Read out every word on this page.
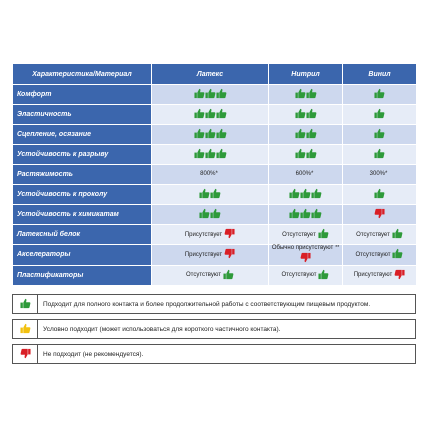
Характеристика/Материал	Латекс	Нитрил	Винил
Комфорт			
Эластичность			
Сцепление, осязание			
Устойчивость к разрыву			
Растяжимость	800%*	600%*	300%*
Устойчивость к проколу			
Устойчивость к химикатам			
Латексный белок	Присутствует	Отсутствует	Отсутствует
Акселераторы	Присутствует	Обычно присутствуют **	Отсутствуют
Пластификаторы	Отсутствуют	Отсутствуют	Присутствуют
	Подходит для полного контакта и более продолжительной работы с соответствующим пищевым продуктом.

	Условно подходит (может использоваться для короткого частичного контакта).

	Не подходит (не рекомендуется).
